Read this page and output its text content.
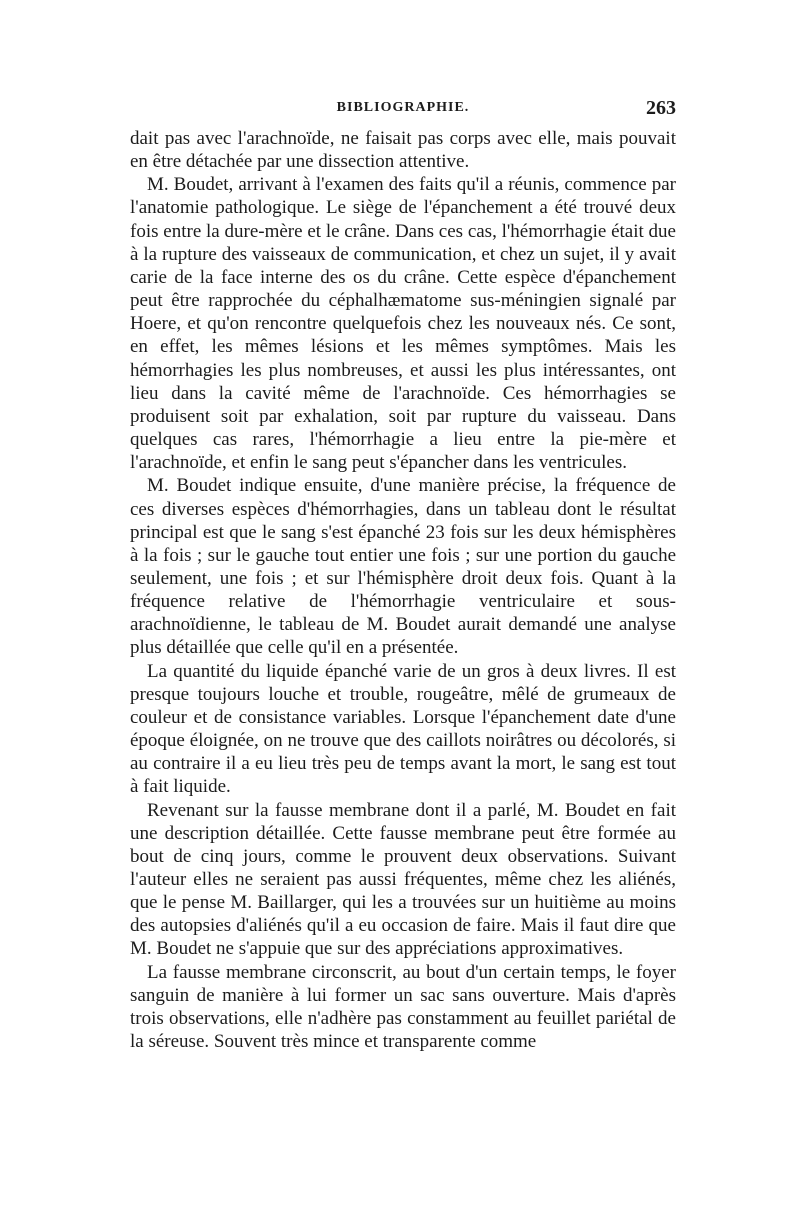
BIBLIOGRAPHIE.	263

dait pas avec l'arachnoïde, ne faisait pas corps avec elle, mais pouvait en être détachée par une dissection attentive.

M. Boudet, arrivant à l'examen des faits qu'il a réunis, commence par l'anatomie pathologique. Le siège de l'épanchement a été trouvé deux fois entre la dure-mère et le crâne. Dans ces cas, l'hémorrhagie était due à la rupture des vaisseaux de communication, et chez un sujet, il y avait carie de la face interne des os du crâne. Cette espèce d'épanchement peut être rapprochée du céphalhæmatome sus-méningien signalé par Hoere, et qu'on rencontre quelquefois chez les nouveaux nés. Ce sont, en effet, les mêmes lésions et les mêmes symptômes. Mais les hémorrhagies les plus nombreuses, et aussi les plus intéressantes, ont lieu dans la cavité même de l'arachnoïde. Ces hémorrhagies se produisent soit par exhalation, soit par rupture du vaisseau. Dans quelques cas rares, l'hémorrhagie a lieu entre la pie-mère et l'arachnoïde, et enfin le sang peut s'épancher dans les ventricules.

M. Boudet indique ensuite, d'une manière précise, la fréquence de ces diverses espèces d'hémorrhagies, dans un tableau dont le résultat principal est que le sang s'est épanché 23 fois sur les deux hémisphères à la fois ; sur le gauche tout entier une fois ; sur une portion du gauche seulement, une fois ; et sur l'hémisphère droit deux fois. Quant à la fréquence relative de l'hémorrhagie ventriculaire et sous-arachnoïdienne, le tableau de M. Boudet aurait demandé une analyse plus détaillée que celle qu'il en a présentée.

La quantité du liquide épanché varie de un gros à deux livres. Il est presque toujours louche et trouble, rougeâtre, mêlé de grumeaux de couleur et de consistance variables. Lorsque l'épanchement date d'une époque éloignée, on ne trouve que des caillots noirâtres ou décolorés, si au contraire il a eu lieu très peu de temps avant la mort, le sang est tout à fait liquide.

Revenant sur la fausse membrane dont il a parlé, M. Boudet en fait une description détaillée. Cette fausse membrane peut être formée au bout de cinq jours, comme le prouvent deux observations. Suivant l'auteur elles ne seraient pas aussi fréquentes, même chez les aliénés, que le pense M. Baillarger, qui les a trouvées sur un huitième au moins des autopsies d'aliénés qu'il a eu occasion de faire. Mais il faut dire que M. Boudet ne s'appuie que sur des appréciations approximatives.

La fausse membrane circonscrit, au bout d'un certain temps, le foyer sanguin de manière à lui former un sac sans ouverture. Mais d'après trois observations, elle n'adhère pas constamment au feuillet pariétal de la séreuse. Souvent très mince et transparente comme
